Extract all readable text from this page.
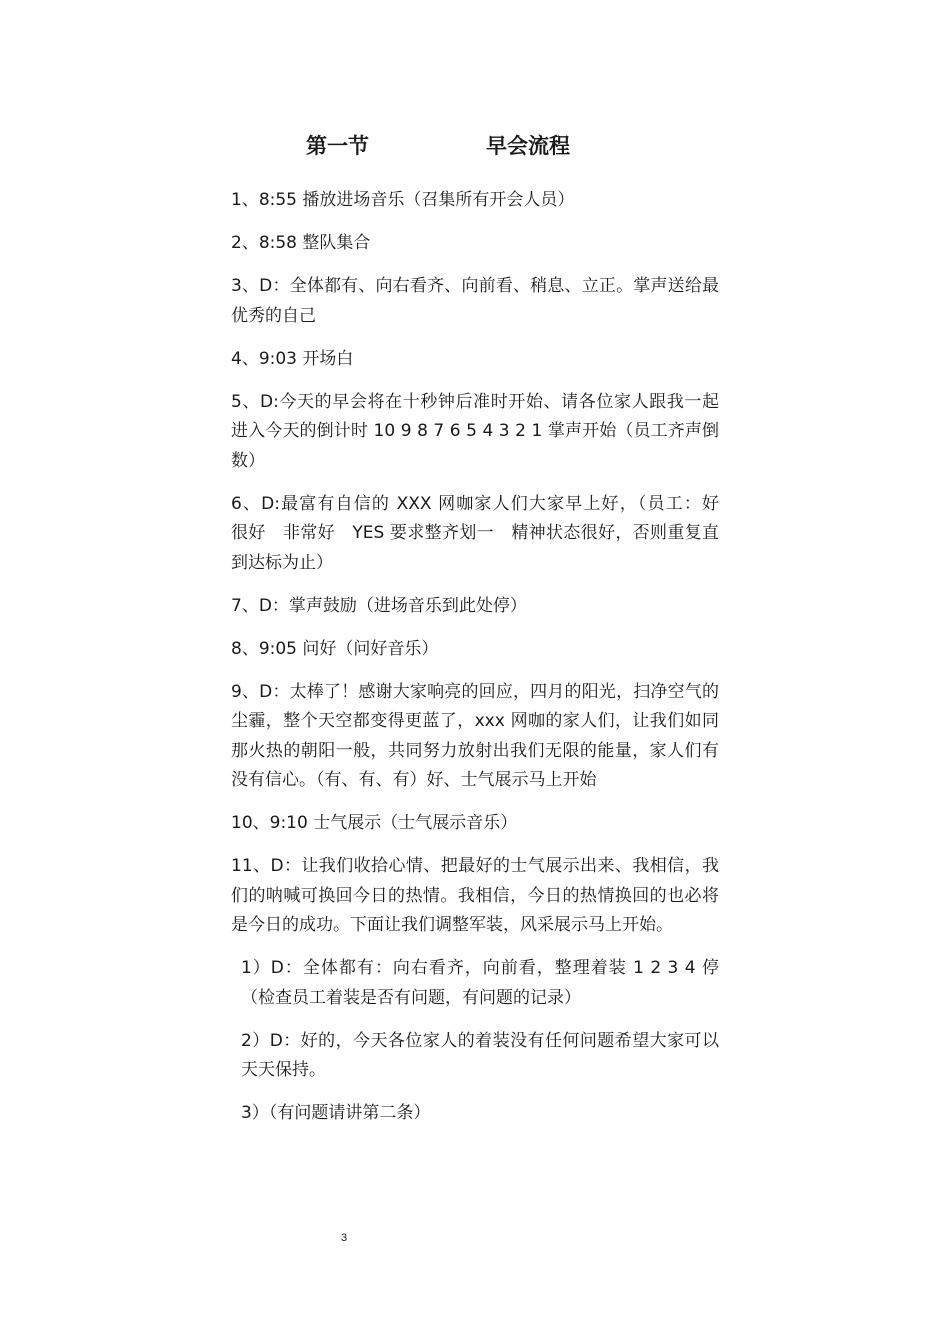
第一节	早会流程

1、8:55 播放进场音乐（召集所有开会人员）

2、8:58 整队集合

3、D：全体都有、向右看齐、向前看、稍息、立正。掌声送给最优秀的自己

4、9:03 开场白

5、D:今天的早会将在十秒钟后准时开始、请各位家人跟我一起进入今天的倒计时 10 9 8 7 6 5 4 3 2 1 掌声开始（员工齐声倒数）

6、D:最富有自信的 XXX 网咖家人们大家早上好，（员工：好　很好　非常好　YES 要求整齐划一　精神状态很好，否则重复直到达标为止）

7、D：掌声鼓励（进场音乐到此处停）

8、9:05 问好（问好音乐）

9、D：太棒了！感谢大家响亮的回应，四月的阳光，扫净空气的尘霾，整个天空都变得更蓝了，xxx 网咖的家人们，让我们如同那火热的朝阳一般，共同努力放射出我们无限的能量，家人们有没有信心。（有、有、有）好、士气展示马上开始

10、9:10 士气展示（士气展示音乐）

11、D：让我们收拾心情、把最好的士气展示出来、我相信，我们的呐喊可换回今日的热情。我相信，今日的热情换回的也必将是今日的成功。下面让我们调整军装，风采展示马上开始。

1）D：全体都有：向右看齐，向前看，整理着装 1 2 3 4 停（检查员工着装是否有问题，有问题的记录）

2）D：好的，今天各位家人的着装没有任何问题希望大家可以天天保持。

3）（有问题请讲第二条）

3
